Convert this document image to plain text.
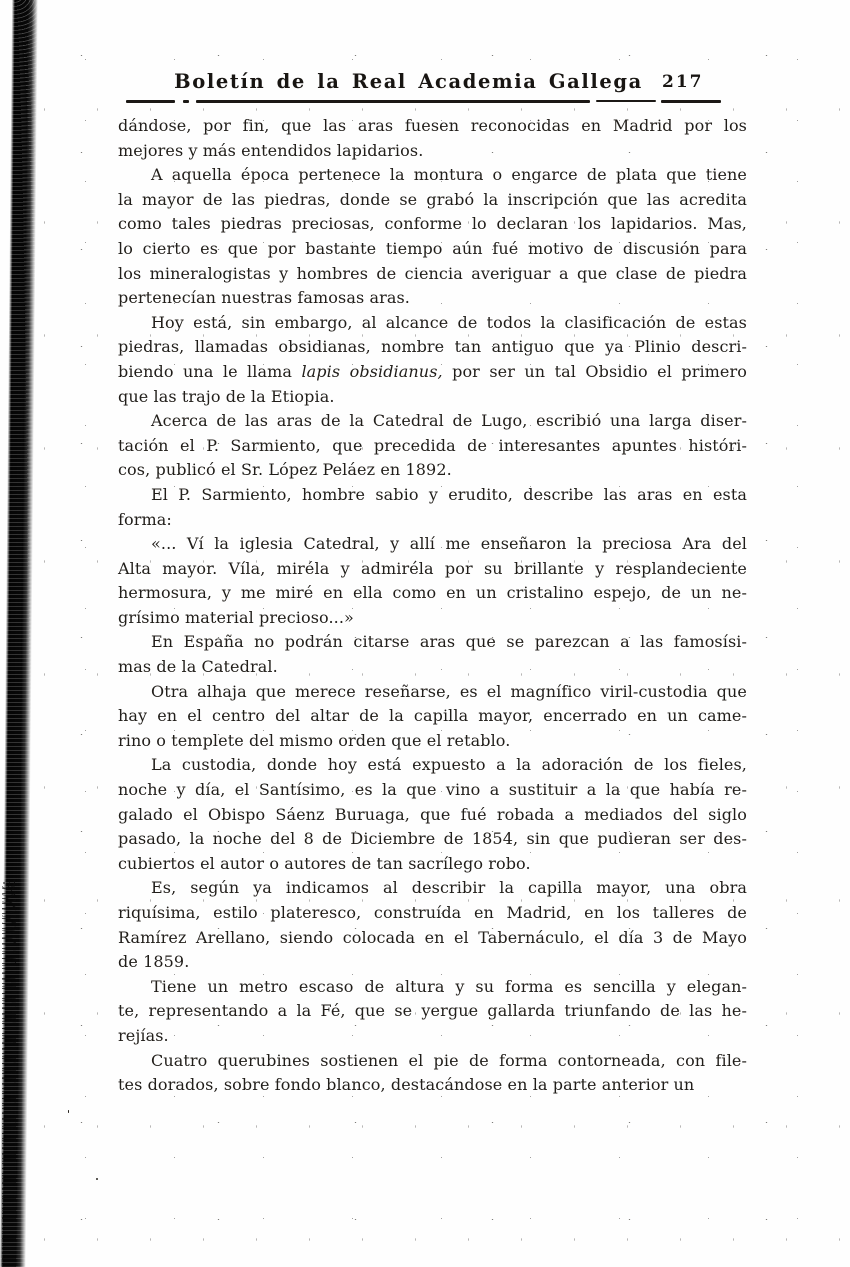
Boletín de la Real Academia Gallega	217

dándose, por fin, que las aras fuesen reconocidas en Madrid por los
mejores y más entendidos lapidarios.

A aquella época pertenece la montura o engarce de plata que tiene
la mayor de las piedras, donde se grabó la inscripción que las acredita
como tales piedras preciosas, conforme lo declaran los lapidarios. Mas,
lo cierto es que por bastante tiempo aún fué motivo de discusión para
los mineralogistas y hombres de ciencia averiguar a que clase de piedra
pertenecían nuestras famosas aras.

Hoy está, sin embargo, al alcance de todos la clasificación de estas
piedras, llamadas obsidianas, nombre tan antiguo que ya Plinio descri-
biendo una le llama lapis obsidianus, por ser un tal Obsidio el primero
que las trajo de la Etiopia.

Acerca de las aras de la Catedral de Lugo, escribió una larga diser-
tación el P. Sarmiento, que precedida de interesantes apuntes históri-
cos, publicó el Sr. López Peláez en 1892.

El P. Sarmiento, hombre sabio y erudito, describe las aras en esta
forma:

«... Ví la iglesia Catedral, y allí me enseñaron la preciosa Ara del
Alta mayor. Víla, miréla y admiréla por su brillante y resplandeciente
hermosura, y me miré en ella como en un cristalino espejo, de un ne-
grísimo material precioso...»

En España no podrán citarse aras que se parezcan a las famosísi-
mas de la Catedral.

Otra alhaja que merece reseñarse, es el magnífico viril-custodia que
hay en el centro del altar de la capilla mayor, encerrado en un came-
rino o templete del mismo orden que el retablo.

La custodia, donde hoy está expuesto a la adoración de los fieles,
noche y día, el Santísimo, es la que vino a sustituir a la que había re-
galado el Obispo Sáenz Buruaga, que fué robada a mediados del siglo
pasado, la noche del 8 de Diciembre de 1854, sin que pudieran ser des-
cubiertos el autor o autores de tan sacrílego robo.

Es, según ya indicamos al describir la capilla mayor, una obra
riquísima, estilo plateresco, construída en Madrid, en los talleres de
Ramírez Arellano, siendo colocada en el Tabernáculo, el día 3 de Mayo
de 1859.

Tiene un metro escaso de altura y su forma es sencilla y elegan-
te, representando a la Fé, que se yergue gallarda triunfando de las he-
rejías.

Cuatro querubines sostienen el pie de forma contorneada, con file-
tes dorados, sobre fondo blanco, destacándose en la parte anterior un
